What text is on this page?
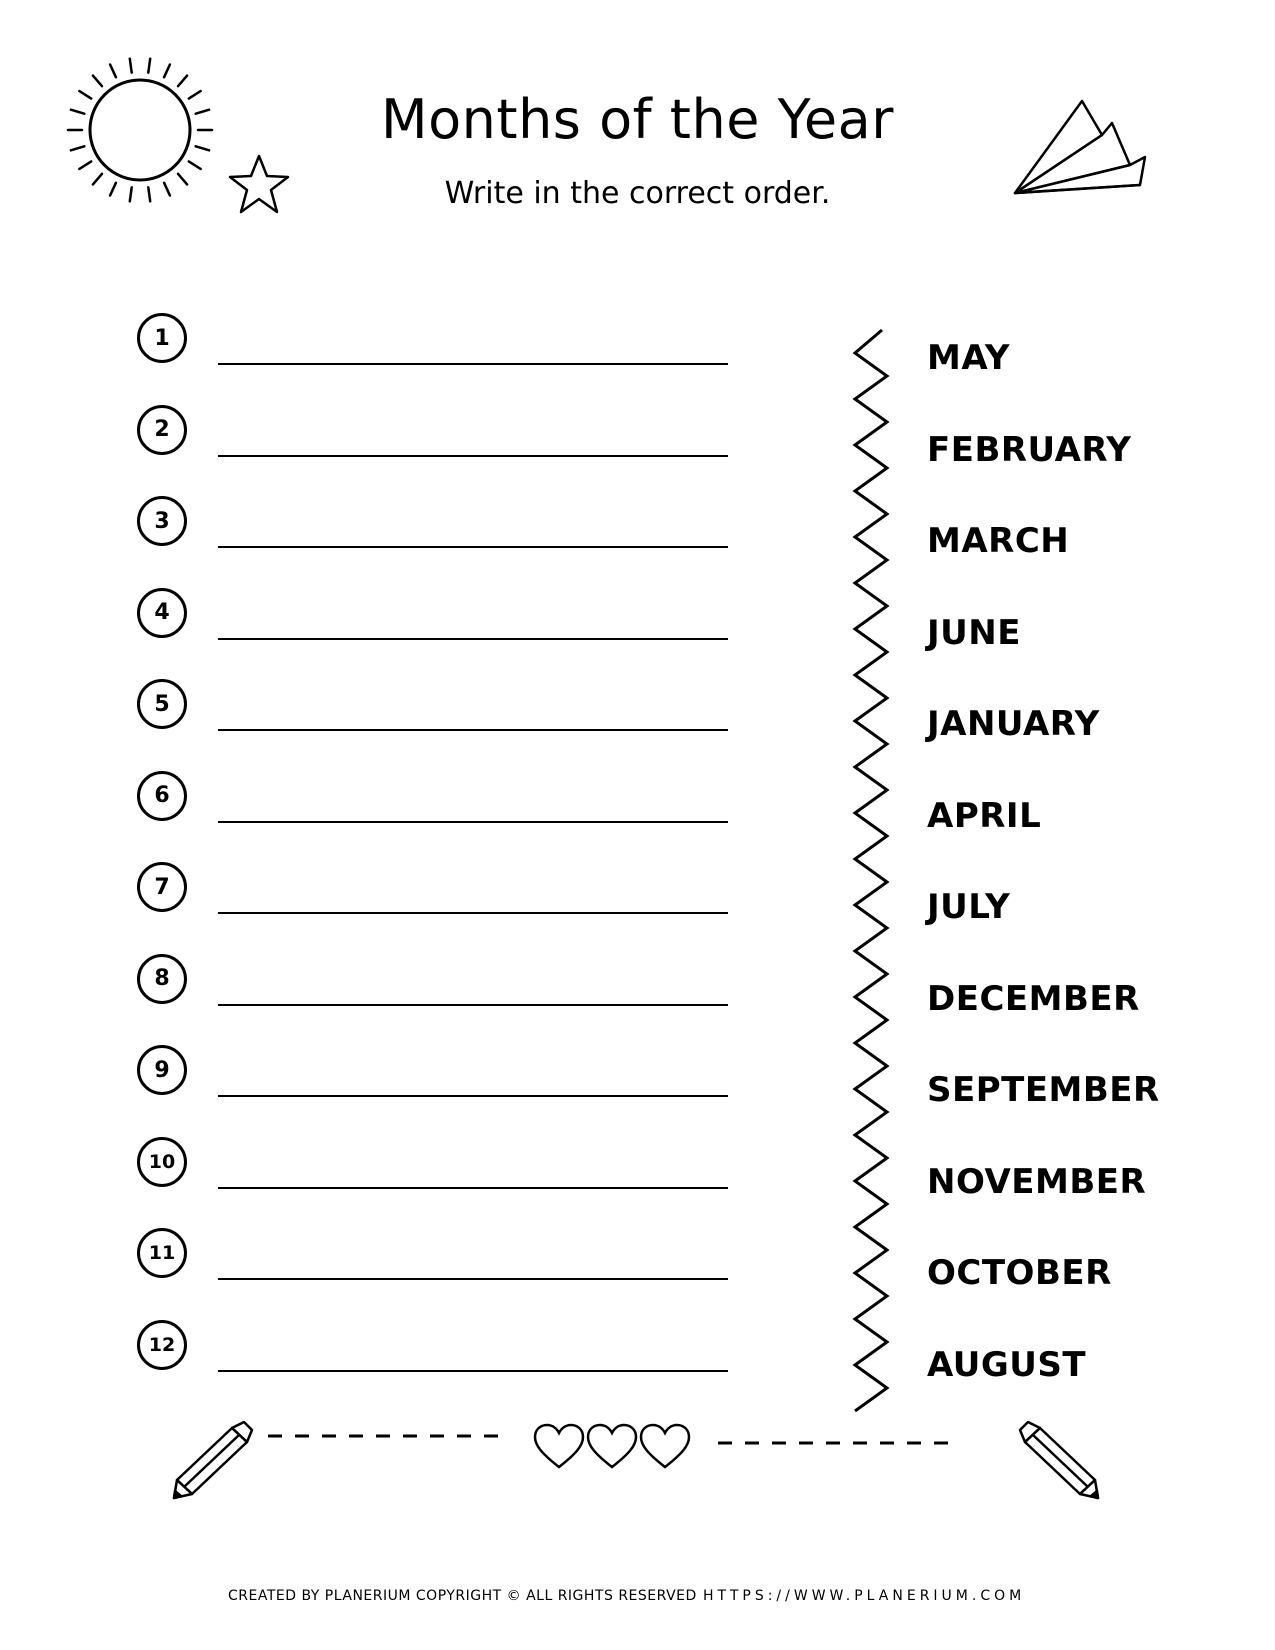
Months of the Year
Write in the correct order.
1
2
3
4
5
6
7
8
9
10
11
12
MAY
FEBRUARY
MARCH
JUNE
JANUARY
APRIL
JULY
DECEMBER
SEPTEMBER
NOVEMBER
OCTOBER
AUGUST
CREATED BY PLANERIUM COPYRIGHT © ALL RIGHTS RESERVED HTTPS://WWW.PLANERIUM.COM
